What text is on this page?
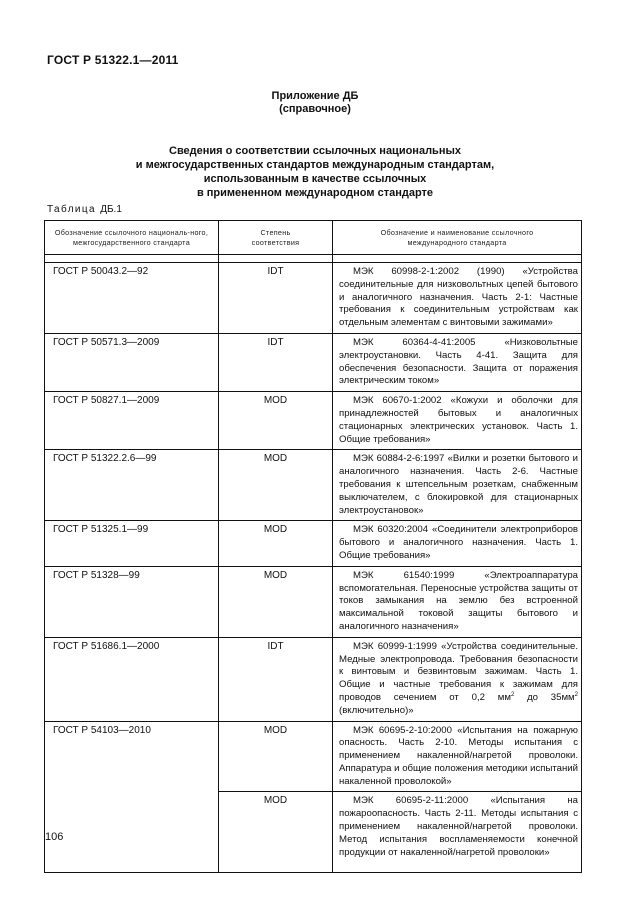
ГОСТ Р 51322.1—2011
Приложение ДБ
(справочное)
Сведения о соответствии ссылочных национальных
и межгосударственных стандартов международным стандартам,
использованным в качестве ссылочных
в примененном международном стандарте
Таблица ДБ.1
Обозначение ссылочного националь-ного, межгосударственного стандарта	Степень соответствия	Обозначение и наименование ссылочного международного стандарта

ГОСТ Р 50043.2—92	IDT	МЭК 60998-2-1:2002 (1990) «Устройства соединительные для низковольтных цепей бытового и аналогичного назначения. Часть 2-1: Частные требования к соединительным устройствам как отдельным элементам с винтовыми зажимами»
ГОСТ Р 50571.3—2009	IDT	МЭК 60364-4-41:2005 «Низковольтные электроустановки. Часть 4-41. Защита для обеспечения безопасности. Защита от поражения электрическим током»
ГОСТ Р 50827.1—2009	MOD	МЭК 60670-1:2002 «Кожухи и оболочки для принадлежностей бытовых и аналогичных стационарных электрических установок. Часть 1. Общие требования»
ГОСТ Р 51322.2.6—99	MOD	МЭК 60884-2-6:1997 «Вилки и розетки бытового и аналогичного назначения. Часть 2-6. Частные требования к штепсельным розеткам, снабженным выключателем, с блокировкой для стационарных электроустановок»
ГОСТ Р 51325.1—99	MOD	МЭК 60320:2004 «Соединители электроприборов бытового и аналогичного назначения. Часть 1. Общие требования»
ГОСТ Р 51328—99	MOD	МЭК 61540:1999 «Электроаппаратура вспомогательная. Переносные устройства защиты от токов замыкания на землю без встроенной максимальной токовой защиты бытового и аналогичного назначения»
ГОСТ Р 51686.1—2000	IDT	МЭК 60999-1:1999 «Устройства соединительные. Медные электропровода. Требования безопасности к винтовым и безвинтовым зажимам. Часть 1. Общие и частные требования к зажимам для проводов сечением от 0,2 $мм^2$ до $35мм^2$ (включительно)»
ГОСТ Р 54103—2010	MOD	МЭК 60695-2-10:2000 «Испытания на пожарную опасность. Часть 2-10. Методы испытания с применением накаленной/нагретой проволоки. Аппаратура и общие положения методики испытаний накаленной проволокой»
	MOD	МЭК 60695-2-11:2000 «Испытания на пожароопасность. Часть 2-11. Методы испытания с применением накаленной/нагретой проволоки. Метод испытания воспламеняемости конечной продукции от накаленной/нагретой проволоки»
106
